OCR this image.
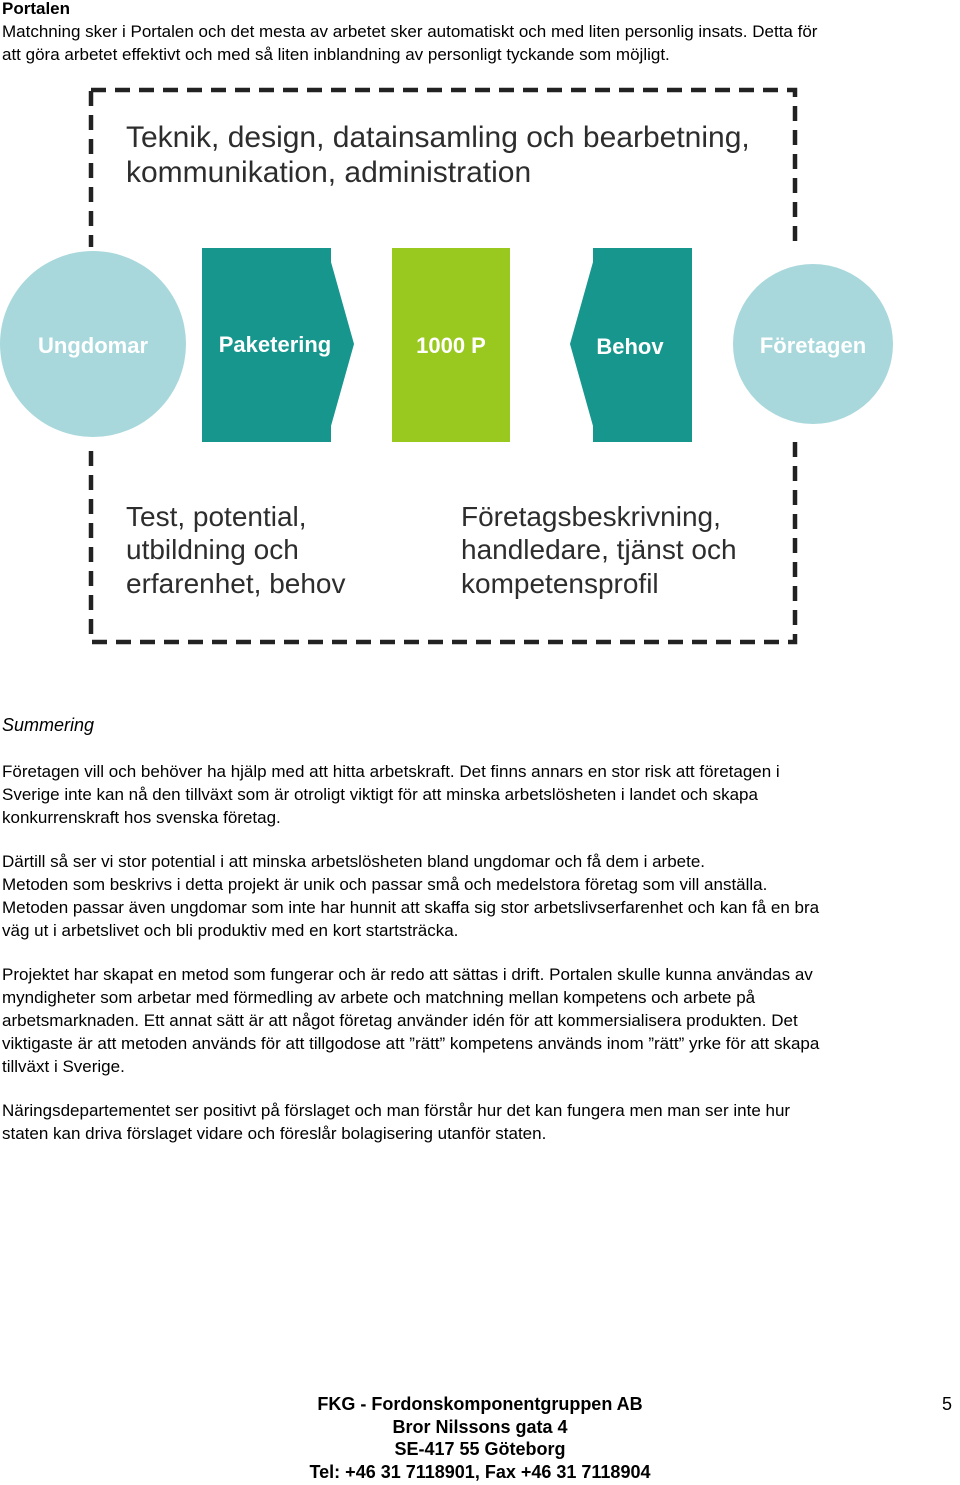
Portalen
Matchning sker i Portalen och det mesta av arbetet sker automatiskt och med liten personlig insats. Detta för
att göra arbetet effektivt och med så liten inblandning av personligt tyckande som möjligt.
Teknik, design, datainsamling och bearbetning,
kommunikation, administration
Ungdomar	Företagen
Paketering	1000 P	Behov
Test, potential,
utbildning och
erfarenhet, behov
Företagsbeskrivning,
handledare, tjänst och
kompetensprofil
Summering
Företagen vill och behöver ha hjälp med att hitta arbetskraft. Det finns annars en stor risk att företagen i
Sverige inte kan nå den tillväxt som är otroligt viktigt för att minska arbetslösheten i landet och skapa
konkurrenskraft hos svenska företag.
Därtill så ser vi stor potential i att minska arbetslösheten bland ungdomar och få dem i arbete.
Metoden som beskrivs i detta projekt är unik och passar små och medelstora företag som vill anställa.
Metoden passar även ungdomar som inte har hunnit att skaffa sig stor arbetslivserfarenhet och kan få en bra
väg ut i arbetslivet och bli produktiv med en kort startsträcka.
Projektet har skapat en metod som fungerar och är redo att sättas i drift. Portalen skulle kunna användas av
myndigheter som arbetar med förmedling av arbete och matchning mellan kompetens och arbete på
arbetsmarknaden. Ett annat sätt är att något företag använder idén för att kommersialisera produkten. Det
viktigaste är att metoden används för att tillgodose att ”rätt” kompetens används inom ”rätt” yrke för att skapa
tillväxt i Sverige.
Näringsdepartementet ser positivt på förslaget och man förstår hur det kan fungera men man ser inte hur
staten kan driva förslaget vidare och föreslår bolagisering utanför staten.
FKG - Fordonskomponentgruppen AB
Bror Nilssons gata 4
SE-417 55 Göteborg
Tel: +46 31 7118901, Fax +46 31 7118904
5
